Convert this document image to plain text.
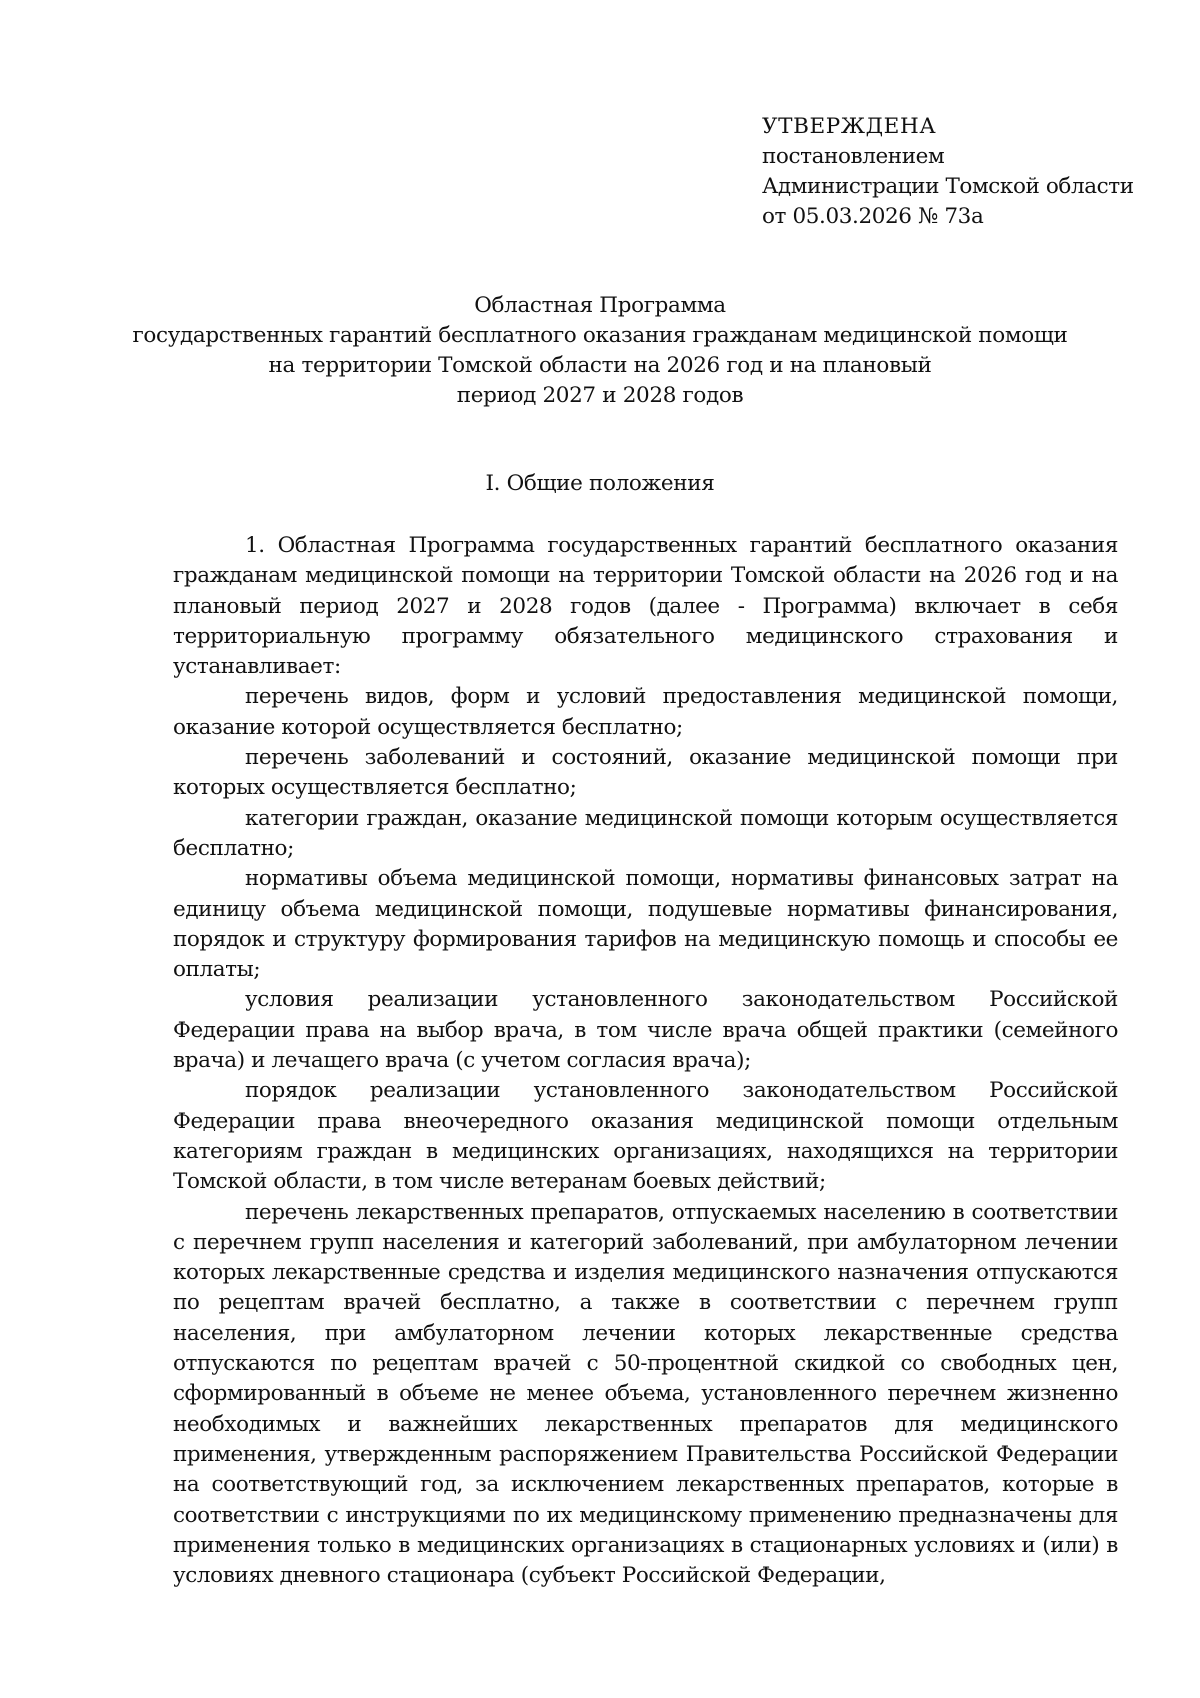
УТВЕРЖДЕНА
постановлением
Администрации Томской области
от 05.03.2026 № 73а
Областная Программа
государственных гарантий бесплатного оказания гражданам медицинской помощи
на территории Томской области на 2026 год и на плановый
период 2027 и 2028 годов
I. Общие положения

1. Областная Программа государственных гарантий бесплатного оказания гражданам медицинской помощи на территории Томской области на 2026 год и на плановый период 2027 и 2028 годов (далее - Программа) включает в себя территориальную программу обязательного медицинского страхования и устанавливает:

перечень видов, форм и условий предоставления медицинской помощи, оказание которой осуществляется бесплатно;

перечень заболеваний и состояний, оказание медицинской помощи при которых осуществляется бесплатно;

категории граждан, оказание медицинской помощи которым осуществляется бесплатно;

нормативы объема медицинской помощи, нормативы финансовых затрат на единицу объема медицинской помощи, подушевые нормативы финансирования, порядок и структуру формирования тарифов на медицинскую помощь и способы ее оплаты;

условия реализации установленного законодательством Российской Федерации права на выбор врача, в том числе врача общей практики (семейного врача) и лечащего врача (с учетом согласия врача);

порядок реализации установленного законодательством Российской Федерации права внеочередного оказания медицинской помощи отдельным категориям граждан в медицинских организациях, находящихся на территории Томской области, в том числе ветеранам боевых действий;

перечень лекарственных препаратов, отпускаемых населению в соответствии с перечнем групп населения и категорий заболеваний, при амбулаторном лечении которых лекарственные средства и изделия медицинского назначения отпускаются по рецептам врачей бесплатно, а также в соответствии с перечнем групп населения, при амбулаторном лечении которых лекарственные средства отпускаются по рецептам врачей с 50-процентной скидкой со свободных цен, сформированный в объеме не менее объема, установленного перечнем жизненно необходимых и важнейших лекарственных препаратов для медицинского применения, утвержденным распоряжением Правительства Российской Федерации на соответствующий год, за исключением лекарственных препаратов, которые в соответствии с инструкциями по их медицинскому применению предназначены для применения только в медицинских организациях в стационарных условиях и (или) в условиях дневного стационара (субъект Российской Федерации,
